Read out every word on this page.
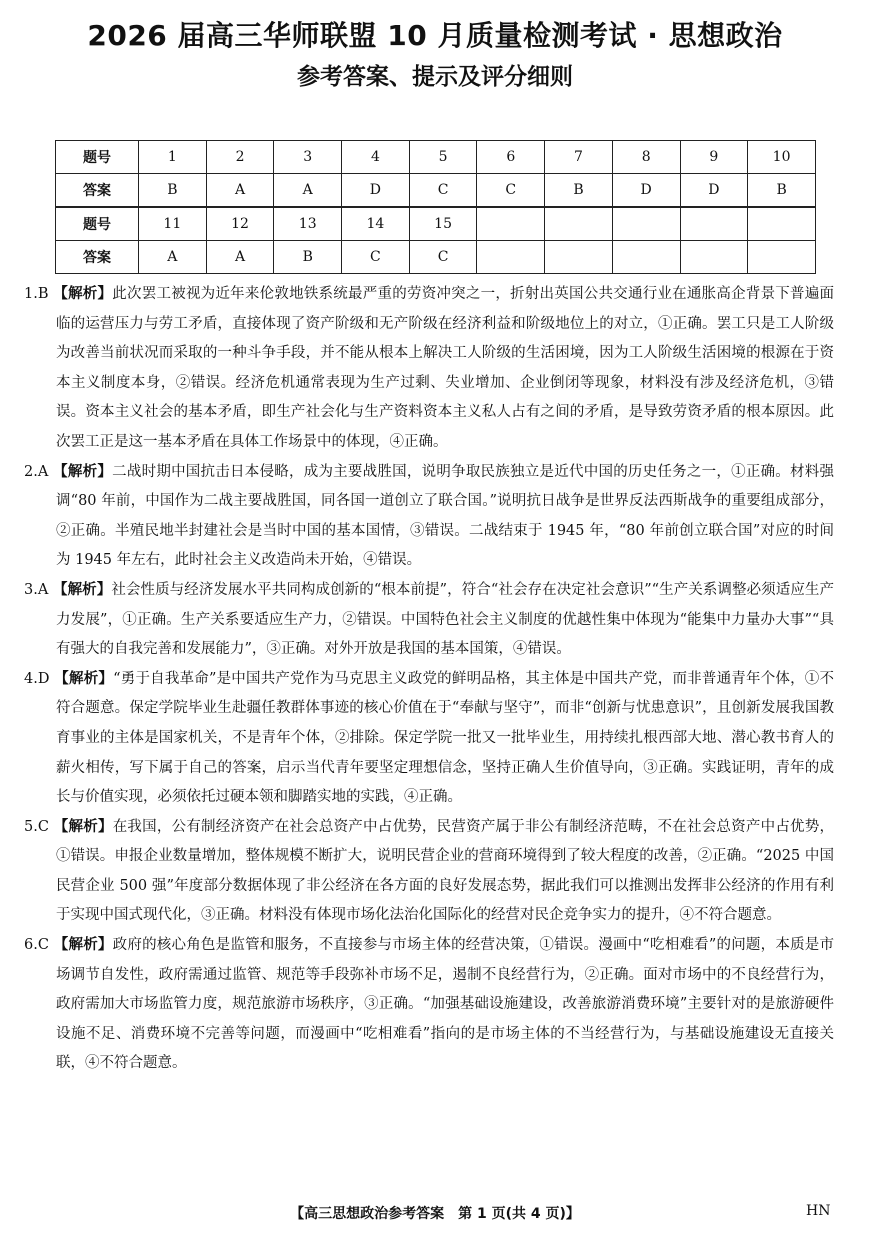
2026 届高三华师联盟 10 月质量检测考试 · 思想政治
参考答案、提示及评分细则
题号	1	2	3	4	5	6	7	8	9	10
答案	B	A	A	D	C	C	B	D	D	B
题号	11	12	13	14	15					
答案	A	A	B	C	C					

1.B 【解析】此次罢工被视为近年来伦敦地铁系统最严重的劳资冲突之一，折射出英国公共交通行业在通胀高企背景下普遍面临的运营压力与劳工矛盾，直接体现了资产阶级和无产阶级在经济利益和阶级地位上的对立，①正确。罢工只是工人阶级为改善当前状况而采取的一种斗争手段，并不能从根本上解决工人阶级的生活困境，因为工人阶级生活困境的根源在于资本主义制度本身，②错误。经济危机通常表现为生产过剩、失业增加、企业倒闭等现象，材料没有涉及经济危机，③错误。资本主义社会的基本矛盾，即生产社会化与生产资料资本主义私人占有之间的矛盾，是导致劳资矛盾的根本原因。此次罢工正是这一基本矛盾在具体工作场景中的体现，④正确。

2.A 【解析】二战时期中国抗击日本侵略，成为主要战胜国，说明争取民族独立是近代中国的历史任务之一，①正确。材料强调“80 年前，中国作为二战主要战胜国，同各国一道创立了联合国。”说明抗日战争是世界反法西斯战争的重要组成部分，②正确。半殖民地半封建社会是当时中国的基本国情，③错误。二战结束于 1945 年，“80 年前创立联合国”对应的时间为 1945 年左右，此时社会主义改造尚未开始，④错误。

3.A 【解析】社会性质与经济发展水平共同构成创新的“根本前提”，符合“社会存在决定社会意识”“生产关系调整必须适应生产力发展”，①正确。生产关系要适应生产力，②错误。中国特色社会主义制度的优越性集中体现为“能集中力量办大事”“具有强大的自我完善和发展能力”，③正确。对外开放是我国的基本国策，④错误。

4.D 【解析】“勇于自我革命”是中国共产党作为马克思主义政党的鲜明品格，其主体是中国共产党，而非普通青年个体，①不符合题意。保定学院毕业生赴疆任教群体事迹的核心价值在于“奉献与坚守”，而非“创新与忧患意识”，且创新发展我国教育事业的主体是国家机关，不是青年个体，②排除。保定学院一批又一批毕业生，用持续扎根西部大地、潜心教书育人的薪火相传，写下属于自己的答案，启示当代青年要坚定理想信念，坚持正确人生价值导向，③正确。实践证明，青年的成长与价值实现，必须依托过硬本领和脚踏实地的实践，④正确。

5.C 【解析】在我国，公有制经济资产在社会总资产中占优势，民营资产属于非公有制经济范畴，不在社会总资产中占优势，①错误。申报企业数量增加，整体规模不断扩大，说明民营企业的营商环境得到了较大程度的改善，②正确。“2025 中国民营企业 500 强”年度部分数据体现了非公经济在各方面的良好发展态势，据此我们可以推测出发挥非公经济的作用有利于实现中国式现代化，③正确。材料没有体现市场化法治化国际化的经营对民企竞争实力的提升，④不符合题意。

6.C 【解析】政府的核心角色是监管和服务，不直接参与市场主体的经营决策，①错误。漫画中“吃相难看”的问题，本质是市场调节自发性，政府需通过监管、规范等手段弥补市场不足，遏制不良经营行为，②正确。面对市场中的不良经营行为，政府需加大市场监管力度，规范旅游市场秩序，③正确。“加强基础设施建设，改善旅游消费环境”主要针对的是旅游硬件设施不足、消费环境不完善等问题，而漫画中“吃相难看”指向的是市场主体的不当经营行为，与基础设施建设无直接关联，④不符合题意。

【高三思想政治参考答案　第 1 页(共 4 页)】	HN
